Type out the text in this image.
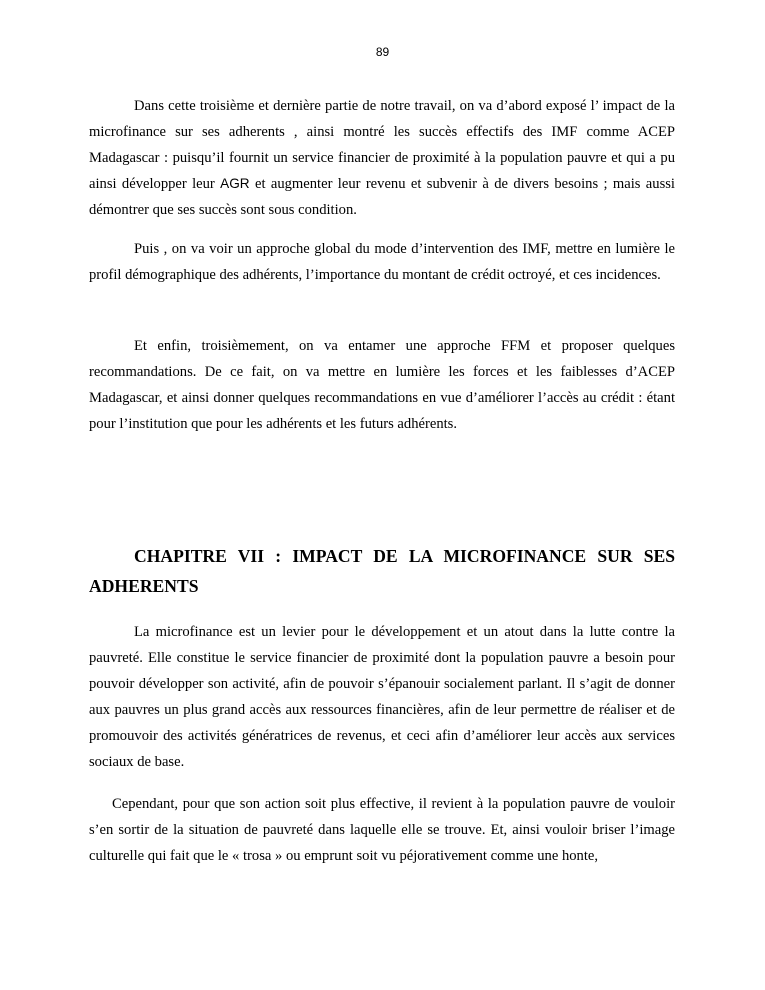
89

Dans cette troisième et dernière partie de notre travail, on va d’abord exposé l’ impact de la microfinance sur ses adherents , ainsi montré les succès effectifs des IMF comme ACEP Madagascar : puisqu’il fournit un service financier de proximité à la population pauvre et qui a pu ainsi développer leur AGR et augmenter leur revenu et subvenir à de divers besoins ; mais aussi démontrer que ses succès sont sous condition.

Puis , on va voir un approche global du mode d’intervention des IMF, mettre en lumière le profil démographique des adhérents, l’importance du montant de crédit octroyé, et ces incidences.

Et enfin, troisièmement, on va entamer une approche FFM et proposer quelques recommandations. De ce fait, on va mettre en lumière les forces et les faiblesses d’ACEP Madagascar, et ainsi donner quelques recommandations en vue d’améliorer l’accès au crédit : étant pour l’institution que pour les adhérents et les futurs adhérents.

CHAPITRE VII : IMPACT DE LA MICROFINANCE SUR SES ADHERENTS

La microfinance est un levier pour le développement et un atout dans la lutte contre la pauvreté. Elle constitue le service financier de proximité dont la population pauvre a besoin pour pouvoir développer son activité, afin de pouvoir s’épanouir socialement parlant. Il s’agit de donner aux pauvres un plus grand accès aux ressources financières, afin de leur permettre de réaliser et de promouvoir des activités génératrices de revenus, et ceci afin d’améliorer leur accès aux services sociaux de base.

Cependant, pour que son action soit plus effective, il revient à la population pauvre de vouloir s’en sortir de la situation de pauvreté dans laquelle elle se trouve. Et, ainsi vouloir briser l’image culturelle qui fait que le « trosa » ou emprunt soit vu péjorativement comme une honte,
